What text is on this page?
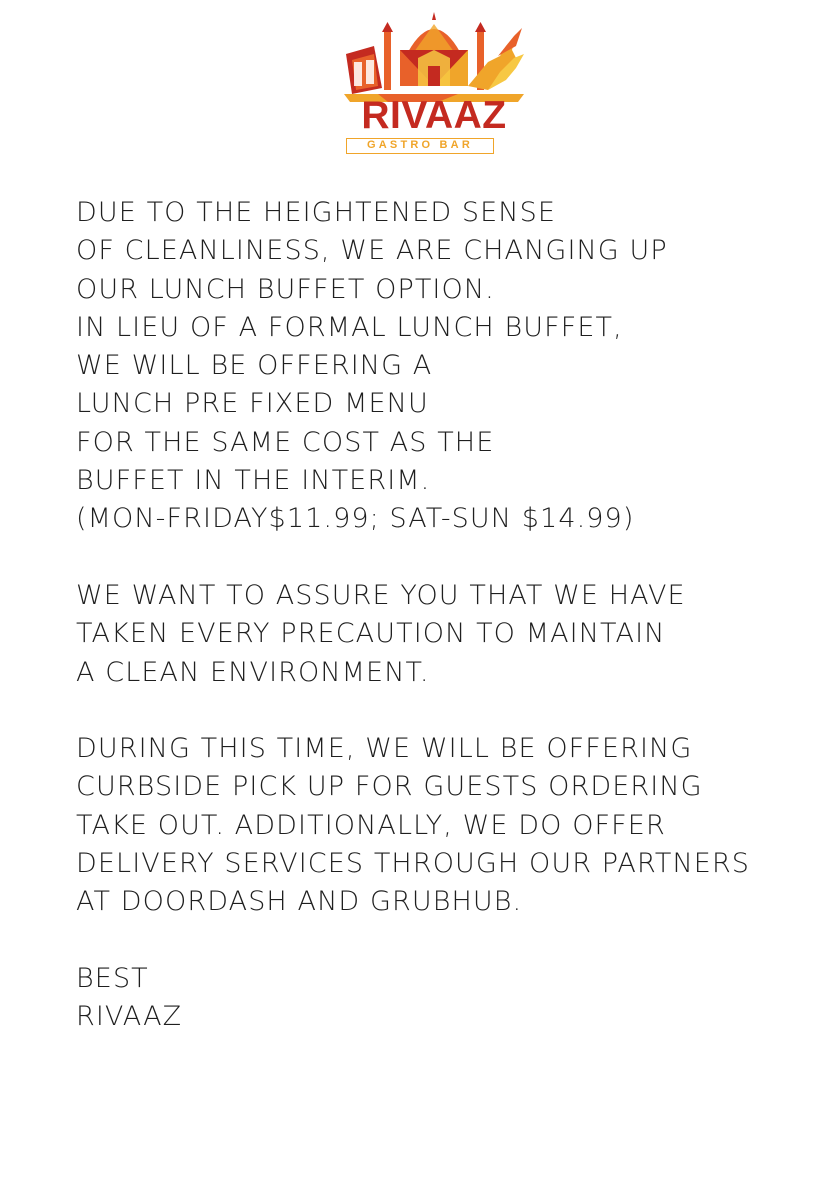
RIVAAZ
GASTRO BAR
DUE TO THE HEIGHTENED SENSE
OF CLEANLINESS, WE ARE CHANGING UP
OUR LUNCH BUFFET OPTION.
IN LIEU OF A FORMAL LUNCH BUFFET,
WE WILL BE OFFERING A
LUNCH PRE FIXED MENU
FOR THE SAME COST AS THE
BUFFET IN THE INTERIM.
(MON-FRIDAY$11.99; SAT-SUN $14.99)
WE WANT TO ASSURE YOU THAT WE HAVE
TAKEN EVERY PRECAUTION TO MAINTAIN
A CLEAN ENVIRONMENT.
DURING THIS TIME, WE WILL BE OFFERING
CURBSIDE PICK UP FOR GUESTS ORDERING
TAKE OUT. ADDITIONALLY, WE DO OFFER
DELIVERY SERVICES THROUGH OUR PARTNERS
AT DOORDASH AND GRUBHUB.
BEST
RIVAAZ
